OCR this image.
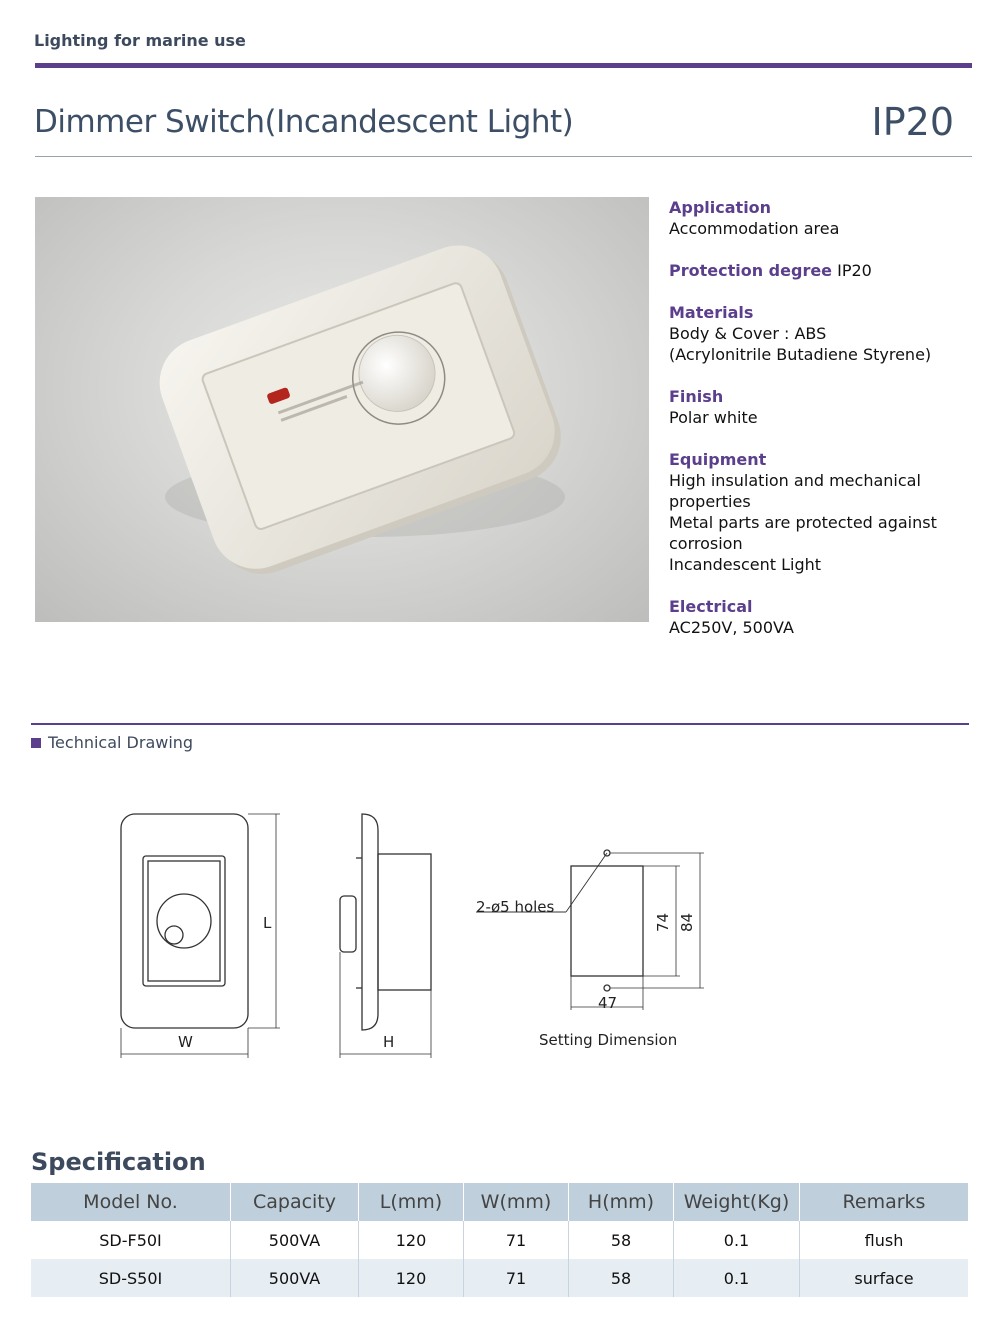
Lighting for marine use
Dimmer Switch(Incandescent Light)	IP20
Application
Accommodation area
Protection degree IP20
Materials
Body & Cover : ABS
(Acrylonitrile Butadiene Styrene)
Finish
Polar white
Equipment
High insulation and mechanical properties
Metal parts are protected against corrosion
Incandescent Light
Electrical
AC250V, 500VA
Technical Drawing
L
W	H
2-ø5 holes
74 84
47
Setting Dimension
Specification
Model No.	Capacity	L(mm)	W(mm)	H(mm)	Weight(Kg)	Remarks
SD-F50I	500VA	120	71	58	0.1	flush
SD-S50I	500VA	120	71	58	0.1	surface
